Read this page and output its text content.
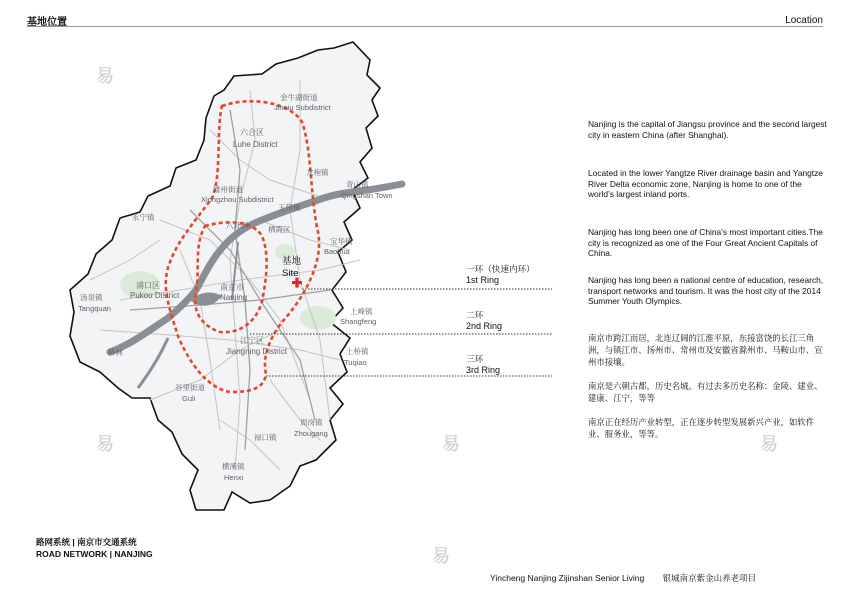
基地位置	Location
基地
Site
金牛湖街道
Jinniu Subdistrict
六合区
Luhe District
雄州街道
Xiongzhou Subdistrict
龙袍镇
玉带镇
青山镇
Qingshan Town
永宁镇
八卦洲	栖霞区
宝华镇
Baohua
浦口区
Pukou District
南京市
Nanjing
汤泉镇
Tangquan	上峰镇
Shangfeng
江宁区
Jiangning District	土桥镇
Tuqiao
谷里街道
Guli
禄口镇
周岗镇
Zhougang
横溪镇
Henxi
桥林
一环（快速内环）
1st Ring
二环
2nd Ring
三环
3rd Ring
Nanjing is the capital of Jiangsu province and the second largest city in eastern China (after Shanghai).
Located in the lower Yangtze River drainage basin and Yangtze River Delta economic zone, Nanjing is home to one of the world’s largest inland ports.
Nanjing has long been one of China’s most important cities.The city is recognized as one of the Four Great Ancient Capitals of China.
Nanjing has long been a national centre of education, research, transport networks and tourism. It was the host city of the 2014 Summer Youth Olympics.
南京市跨江而居，北连辽阔的江淮平原，东接富饶的长江三角洲，与镇江市、扬州市、常州市及安徽省滁州市、马鞍山市、宣州市接壤。
南京是六朝古都，历史名城。有过去多历史名称：金陵、建业、建康、江宁，等等
南京正在经历产业转型，正在逐步转型发展新兴产业，如软件业、服务业，等等。
路网系统 | 南京市交通系统
ROAD NETWORK | NANJING
Yincheng Nanjing Zijinshan Senior Living 银城南京紫金山养老项目
易
易
易
易
易
